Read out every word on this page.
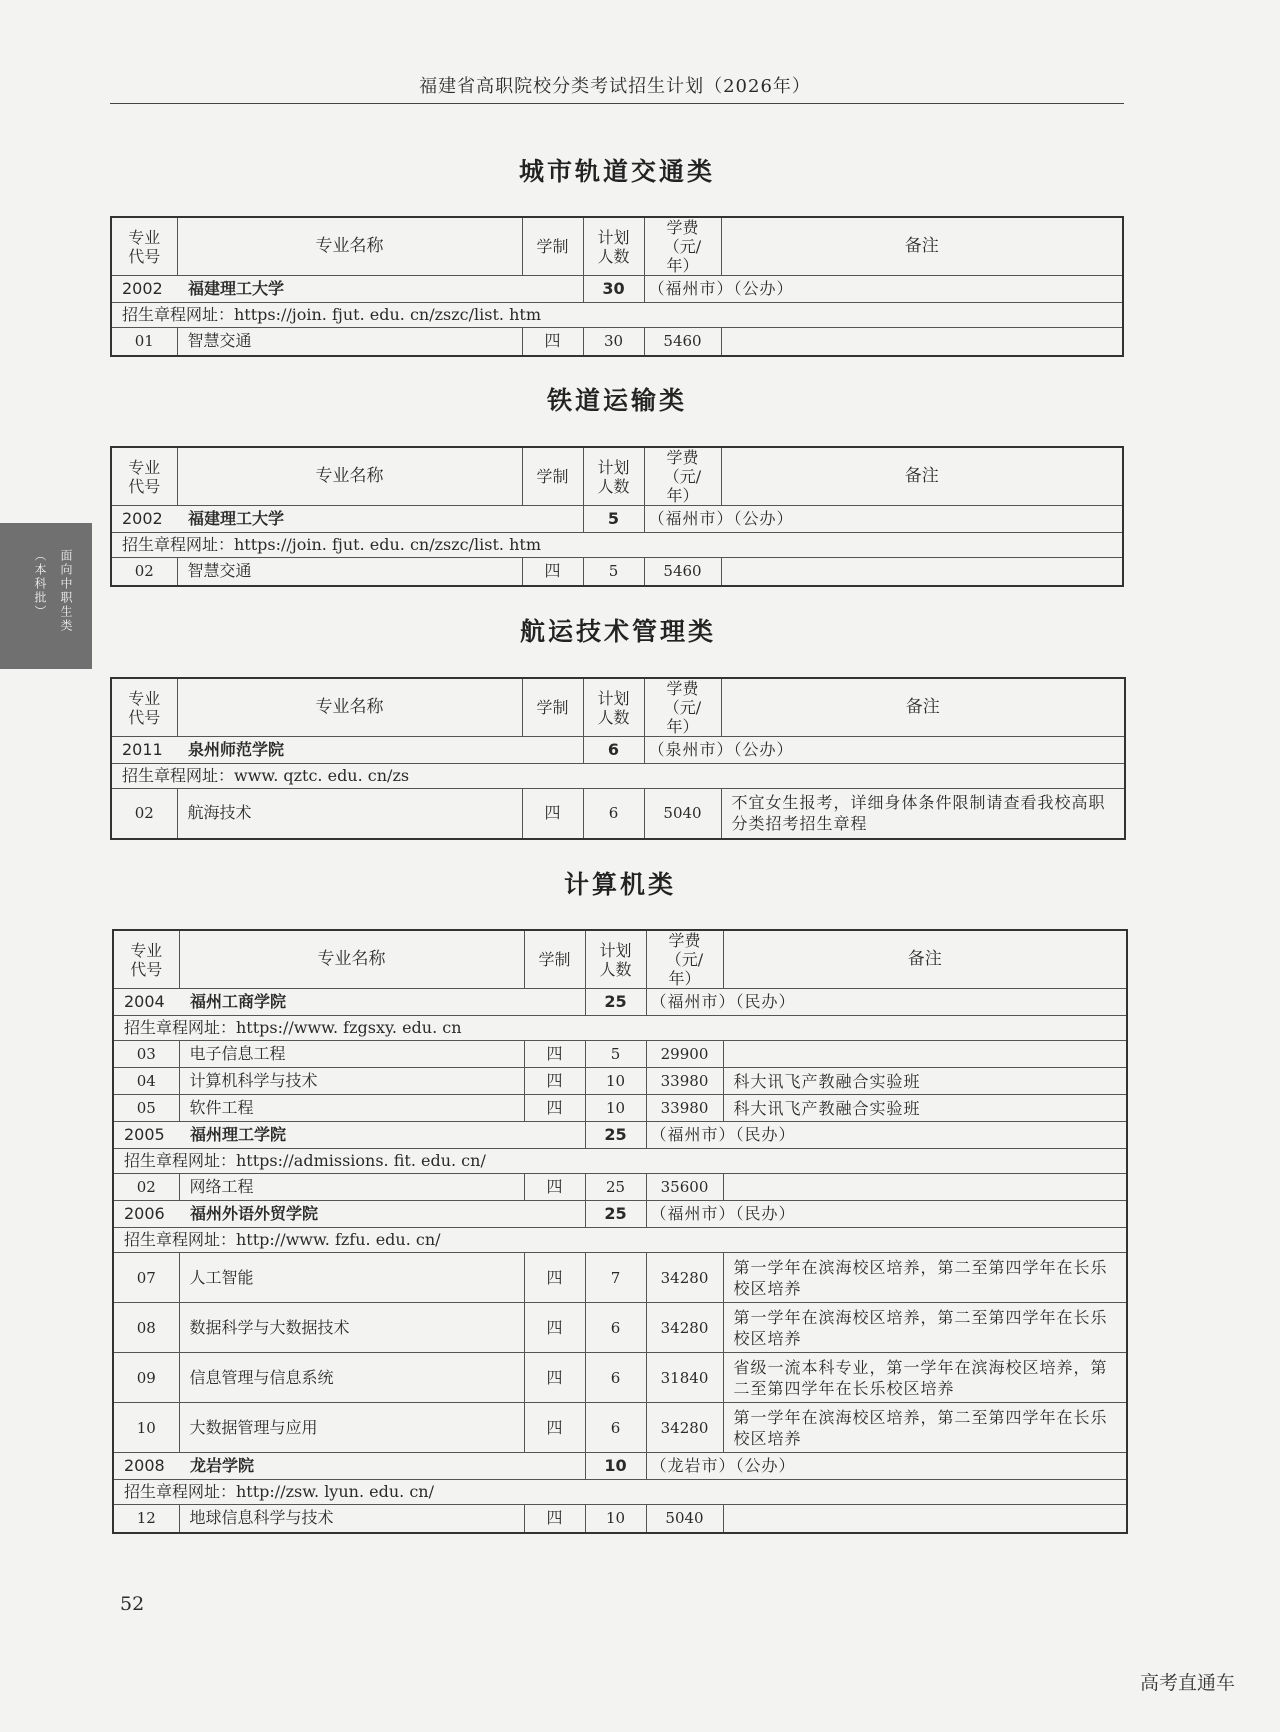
福建省高职院校分类考试招生计划（2026年）
面向中职生类
（本科批）
城市轨道交通类
专业代号	专业名称	学制	计划人数	学费（元/年）	备注

2002 福建理工大学			30	（福州市）（公办）	
招生章程网址：https://join. fjut. edu. cn/zszc/list. htm					
01	智慧交通	四	30	5460	
铁道运输类
专业代号	专业名称	学制	计划人数	学费（元/年）	备注

2002 福建理工大学			5	（福州市）（公办）	
招生章程网址：https://join. fjut. edu. cn/zszc/list. htm					
02	智慧交通	四	5	5460	
航运技术管理类
专业代号	专业名称	学制	计划人数	学费（元/年）	备注

2011 泉州师范学院			6	（泉州市）（公办）	
招生章程网址：www. qztc. edu. cn/zs					
02	航海技术	四	6	5040	不宜女生报考，详细身体条件限制请查看我校高职分类招考招生章程
计算机类
专业代号	专业名称	学制	计划人数	学费（元/年）	备注

2004 福州工商学院			25	（福州市）（民办）	
招生章程网址：https://www. fzgsxy. edu. cn					
03	电子信息工程	四	5	29900	
04	计算机科学与技术	四	10	33980	科大讯飞产教融合实验班
05	软件工程	四	10	33980	科大讯飞产教融合实验班

2005 福州理工学院			25	（福州市）（民办）	
招生章程网址：https://admissions. fit. edu. cn/					
02	网络工程	四	25	35600	

2006 福州外语外贸学院			25	（福州市）（民办）	
招生章程网址：http://www. fzfu. edu. cn/					
07	人工智能	四	7	34280	第一学年在滨海校区培养，第二至第四学年在长乐校区培养
08	数据科学与大数据技术	四	6	34280	第一学年在滨海校区培养，第二至第四学年在长乐校区培养
09	信息管理与信息系统	四	6	31840	省级一流本科专业，第一学年在滨海校区培养，第二至第四学年在长乐校区培养
10	大数据管理与应用	四	6	34280	第一学年在滨海校区培养，第二至第四学年在长乐校区培养

2008 龙岩学院			10	（龙岩市）（公办）	
招生章程网址：http://zsw. lyun. edu. cn/					
12	地球信息科学与技术	四	10	5040	
52
高考直通车
